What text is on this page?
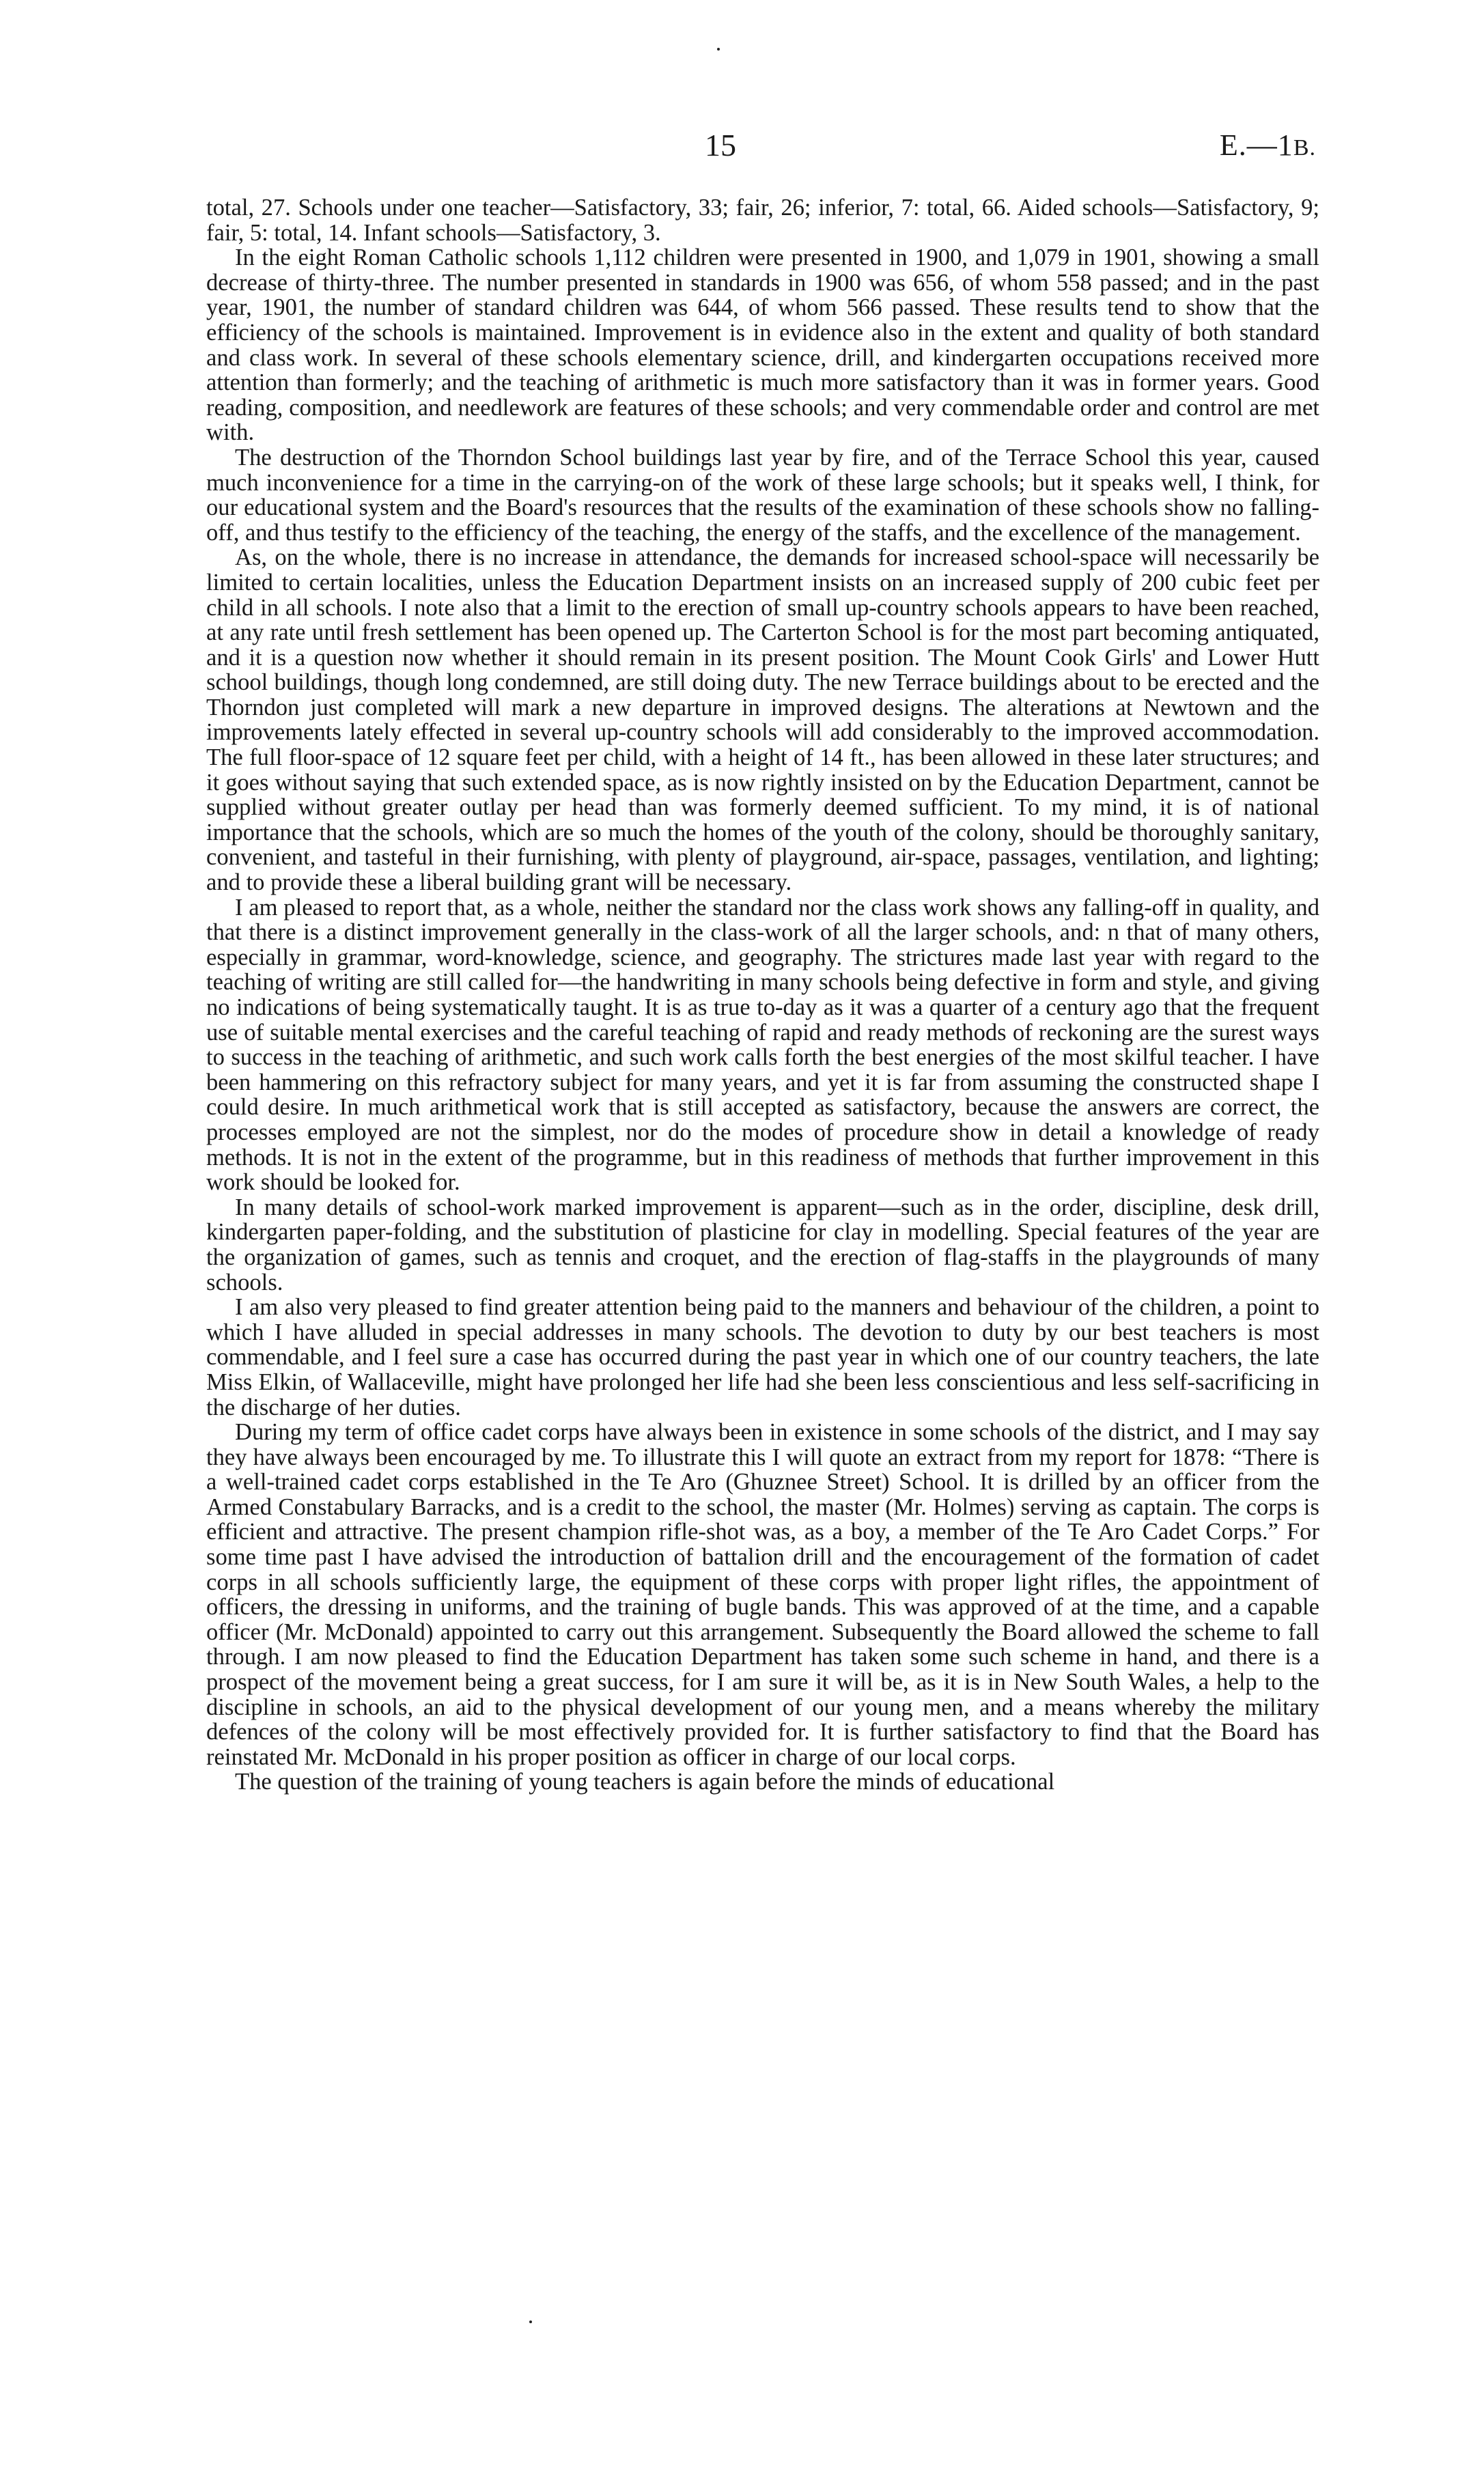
15	E.—1B.

total, 27. Schools under one teacher—Satisfactory, 33; fair, 26; inferior, 7: total, 66. Aided schools—Satisfactory, 9; fair, 5: total, 14. Infant schools—Satisfactory, 3.

In the eight Roman Catholic schools 1,112 children were presented in 1900, and 1,079 in 1901, showing a small decrease of thirty-three. The number presented in standards in 1900 was 656, of whom 558 passed; and in the past year, 1901, the number of standard children was 644, of whom 566 passed. These results tend to show that the efficiency of the schools is maintained. Improvement is in evidence also in the extent and quality of both standard and class work. In several of these schools elementary science, drill, and kindergarten occupations received more attention than formerly; and the teaching of arithmetic is much more satisfactory than it was in former years. Good reading, composition, and needlework are features of these schools; and very commendable order and control are met with.

The destruction of the Thorndon School buildings last year by fire, and of the Terrace School this year, caused much inconvenience for a time in the carrying-on of the work of these large schools; but it speaks well, I think, for our educational system and the Board's resources that the results of the examination of these schools show no falling-off, and thus testify to the efficiency of the teaching, the energy of the staffs, and the excellence of the management.

As, on the whole, there is no increase in attendance, the demands for increased school-space will necessarily be limited to certain localities, unless the Education Department insists on an increased supply of 200 cubic feet per child in all schools. I note also that a limit to the erection of small up-country schools appears to have been reached, at any rate until fresh settlement has been opened up. The Carterton School is for the most part becoming antiquated, and it is a question now whether it should remain in its present position. The Mount Cook Girls' and Lower Hutt school buildings, though long condemned, are still doing duty. The new Terrace buildings about to be erected and the Thorndon just completed will mark a new departure in improved designs. The alterations at Newtown and the improvements lately effected in several up-country schools will add considerably to the improved accommodation. The full floor-space of 12 square feet per child, with a height of 14 ft., has been allowed in these later structures; and it goes without saying that such extended space, as is now rightly insisted on by the Education Department, cannot be supplied without greater outlay per head than was formerly deemed sufficient. To my mind, it is of national importance that the schools, which are so much the homes of the youth of the colony, should be thoroughly sanitary, convenient, and tasteful in their furnishing, with plenty of playground, air-space, passages, ventilation, and lighting; and to provide these a liberal building grant will be necessary.

I am pleased to report that, as a whole, neither the standard nor the class work shows any falling-off in quality, and that there is a distinct improvement generally in the class-work of all the larger schools, and: n that of many others, especially in grammar, word-knowledge, science, and geography. The strictures made last year with regard to the teaching of writing are still called for—the handwriting in many schools being defective in form and style, and giving no indications of being systematically taught. It is as true to-day as it was a quarter of a century ago that the frequent use of suitable mental exercises and the careful teaching of rapid and ready methods of reckoning are the surest ways to success in the teaching of arithmetic, and such work calls forth the best energies of the most skilful teacher. I have been hammering on this refractory subject for many years, and yet it is far from assuming the constructed shape I could desire. In much arithmetical work that is still accepted as satisfactory, because the answers are correct, the processes employed are not the simplest, nor do the modes of procedure show in detail a knowledge of ready methods. It is not in the extent of the programme, but in this readiness of methods that further improvement in this work should be looked for.

In many details of school-work marked improvement is apparent—such as in the order, discipline, desk drill, kindergarten paper-folding, and the substitution of plasticine for clay in modelling. Special features of the year are the organization of games, such as tennis and croquet, and the erection of flag-staffs in the playgrounds of many schools.

I am also very pleased to find greater attention being paid to the manners and behaviour of the children, a point to which I have alluded in special addresses in many schools. The devotion to duty by our best teachers is most commendable, and I feel sure a case has occurred during the past year in which one of our country teachers, the late Miss Elkin, of Wallaceville, might have prolonged her life had she been less conscientious and less self-sacrificing in the discharge of her duties.

During my term of office cadet corps have always been in existence in some schools of the district, and I may say they have always been encouraged by me. To illustrate this I will quote an extract from my report for 1878: “There is a well-trained cadet corps established in the Te Aro (Ghuznee Street) School. It is drilled by an officer from the Armed Constabulary Barracks, and is a credit to the school, the master (Mr. Holmes) serving as captain. The corps is efficient and attractive. The present champion rifle-shot was, as a boy, a member of the Te Aro Cadet Corps.” For some time past I have advised the introduction of battalion drill and the encouragement of the formation of cadet corps in all schools sufficiently large, the equipment of these corps with proper light rifles, the appointment of officers, the dressing in uniforms, and the training of bugle bands. This was approved of at the time, and a capable officer (Mr. McDonald) appointed to carry out this arrangement. Subsequently the Board allowed the scheme to fall through. I am now pleased to find the Education Department has taken some such scheme in hand, and there is a prospect of the movement being a great success, for I am sure it will be, as it is in New South Wales, a help to the discipline in schools, an aid to the physical development of our young men, and a means whereby the military defences of the colony will be most effectively provided for. It is further satisfactory to find that the Board has reinstated Mr. McDonald in his proper position as officer in charge of our local corps.

The question of the training of young teachers is again before the minds of educational
